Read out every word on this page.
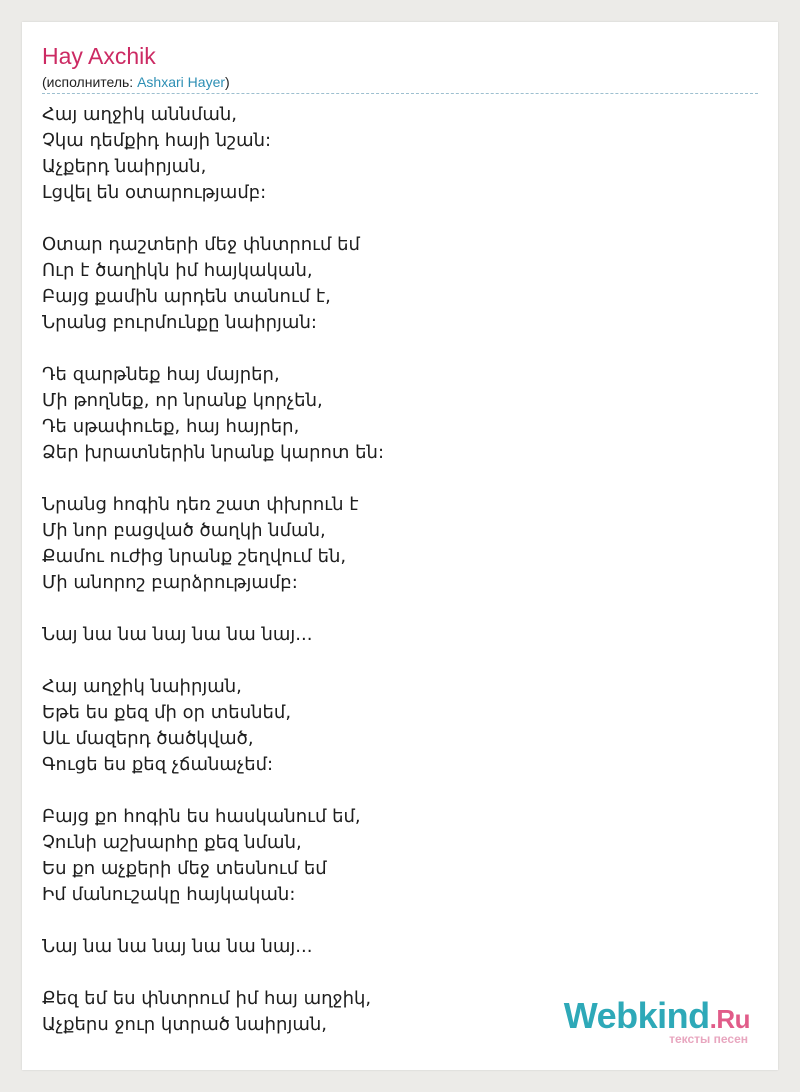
Hay Axchik
(исполнитель: Ashxari Hayer)
Հայ աղջիկ աննման,
Չկա դեմքիդ հայի նշան:
Աչքերդ նաիրյան,
Լցվել են օտարությամբ:
Օտար դաշտերի մեջ փնտրում եմ
Ուր է ծաղիկն իմ հայկական,
Բայց քամին արդեն տանում է,
Նրանց բուրմունքը նաիրյան:
Դե զարթնեք հայ մայրեր,
Մի թողնեք, որ նրանք կորչեն,
Դե սթափուեք, հայ հայրեր,
Ձեր խրատներին նրանք կարոտ են:
Նրանց հոգին դեռ շատ փխրուն է
Մի նոր բացված ծաղկի նման,
Քամու ուժից նրանք շեղվում են,
Մի անորոշ բարձրությամբ:
Նայ նա նա նայ նա նա նայ...
Հայ աղջիկ նաիրյան,
Եթե ես քեզ մի օր տեսնեմ,
Սև մազերդ ծածկված,
Գուցե ես քեզ չճանաչեմ:
Բայց քո հոգին ես հասկանում եմ,
Չունի աշխարհը քեզ նման,
Ես քո աչքերի մեջ տեսնում եմ
Իմ մանուշակը հայկական:
Նայ նա նա նայ նա նա նայ...
Քեզ եմ ես փնտրում իմ հայ աղջիկ,
Աչքերս ջուր կտրած նաիրյան,	Webkind.Ru
тексты песен
